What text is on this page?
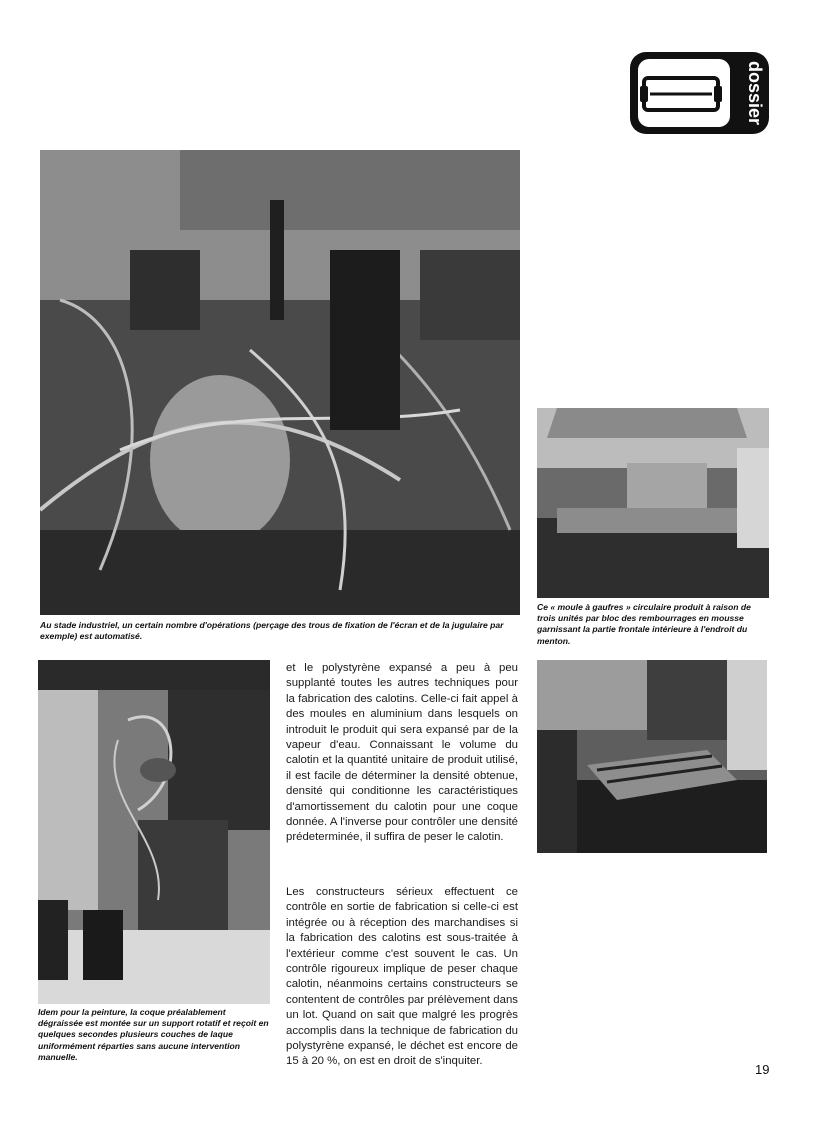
dossier
Au stade industriel, un certain nombre d'opérations (perçage des trous de fixation de l'écran et de la jugulaire par exemple) est automatisé.
Ce « moule à gaufres » circulaire produit à raison de trois unités par bloc des rembourrages en mousse garnissant la partie frontale intérieure à l'endroit du menton.
Idem pour la peinture, la coque préalablement dégraissée est montée sur un support rotatif et reçoit en quelques secondes plusieurs couches de laque uniformément réparties sans aucune intervention manuelle.

et le polystyrène expansé a peu à peu supplanté toutes les autres techniques pour la fabrication des calotins. Celle-ci fait appel à des moules en aluminium dans lesquels on introduit le produit qui sera expansé par de la vapeur d'eau. Connaissant le volume du calotin et la quantité unitaire de produit utilisé, il est facile de déterminer la densité obtenue, densité qui conditionne les caractéristiques d'amortissement du calotin pour une coque donnée. A l'inverse pour contrôler une densité prédeterminée, il suffira de peser le calotin.

Les constructeurs sérieux effectuent ce contrôle en sortie de fabrication si celle-ci est intégrée ou à réception des marchandises si la fabrication des calotins est sous-traitée à l'extérieur comme c'est souvent le cas. Un contrôle rigoureux implique de peser chaque calotin, néanmoins certains constructeurs se contentent de contrôles par prélèvement dans un lot. Quand on sait que malgré les progrès accomplis dans la technique de fabrication du polystyrène expansé, le déchet est encore de 15 à 20 %, on est en droit de s'inquiter.

19
